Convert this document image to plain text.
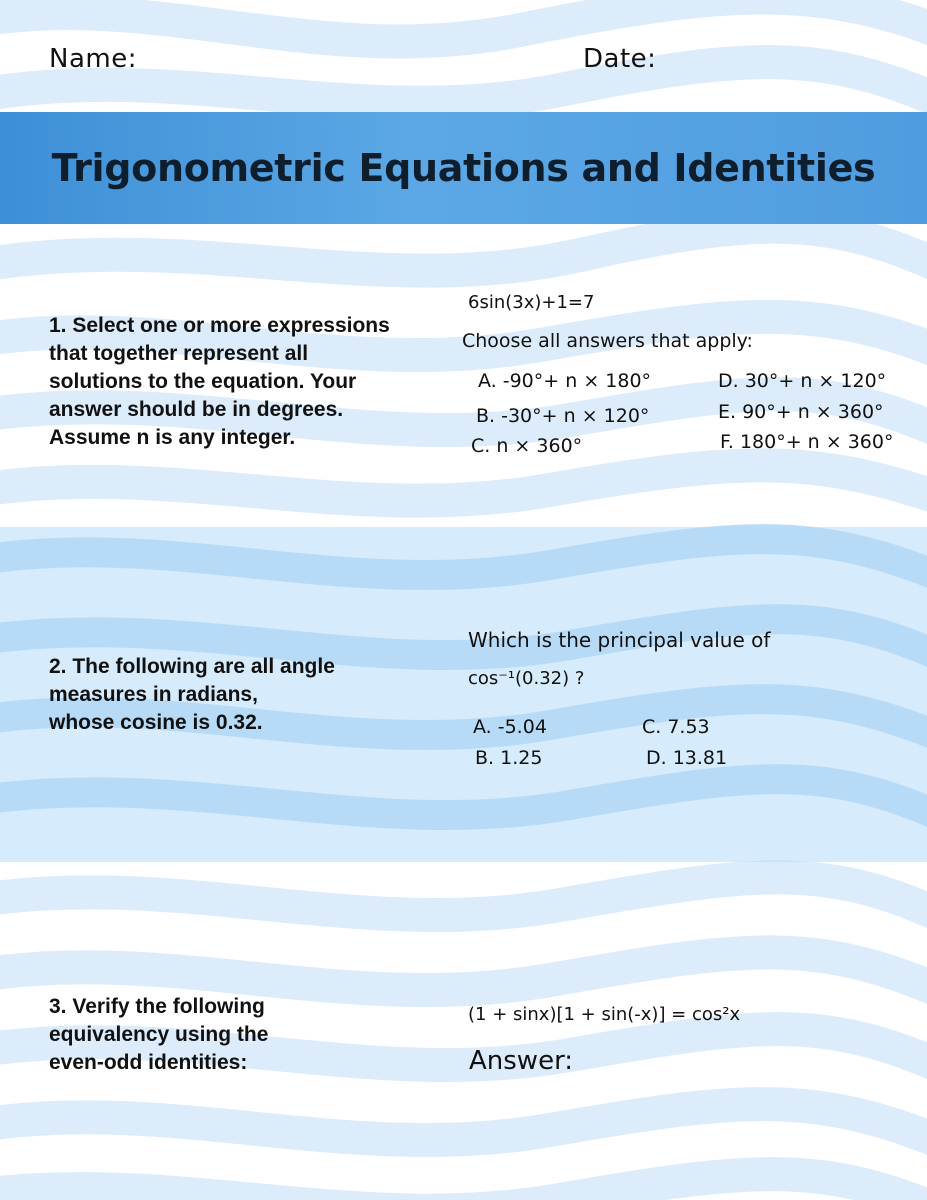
Name:	Date:
Trigonometric Equations and Identities
1. Select one or more expressions
that together represent all
solutions to the equation. Your
answer should be in degrees.
Assume n is any integer.
6sin(3x)+1=7
Choose all answers that apply:
A. -90°+ n × 180°
B. -30°+ n × 120°
C. n × 360°
D. 30°+ n × 120°
E. 90°+ n × 360°
F. 180°+ n × 360°
2. The following are all angle
measures in radians,
whose cosine is 0.32.
Which is the principal value of
cos⁻¹(0.32) ?
A. -5.04
B. 1.25
C. 7.53
D. 13.81
3. Verify the following
equivalency using the
even-odd identities:
(1 + sinx)[1 + sin(-x)] = cos²x
Answer:
